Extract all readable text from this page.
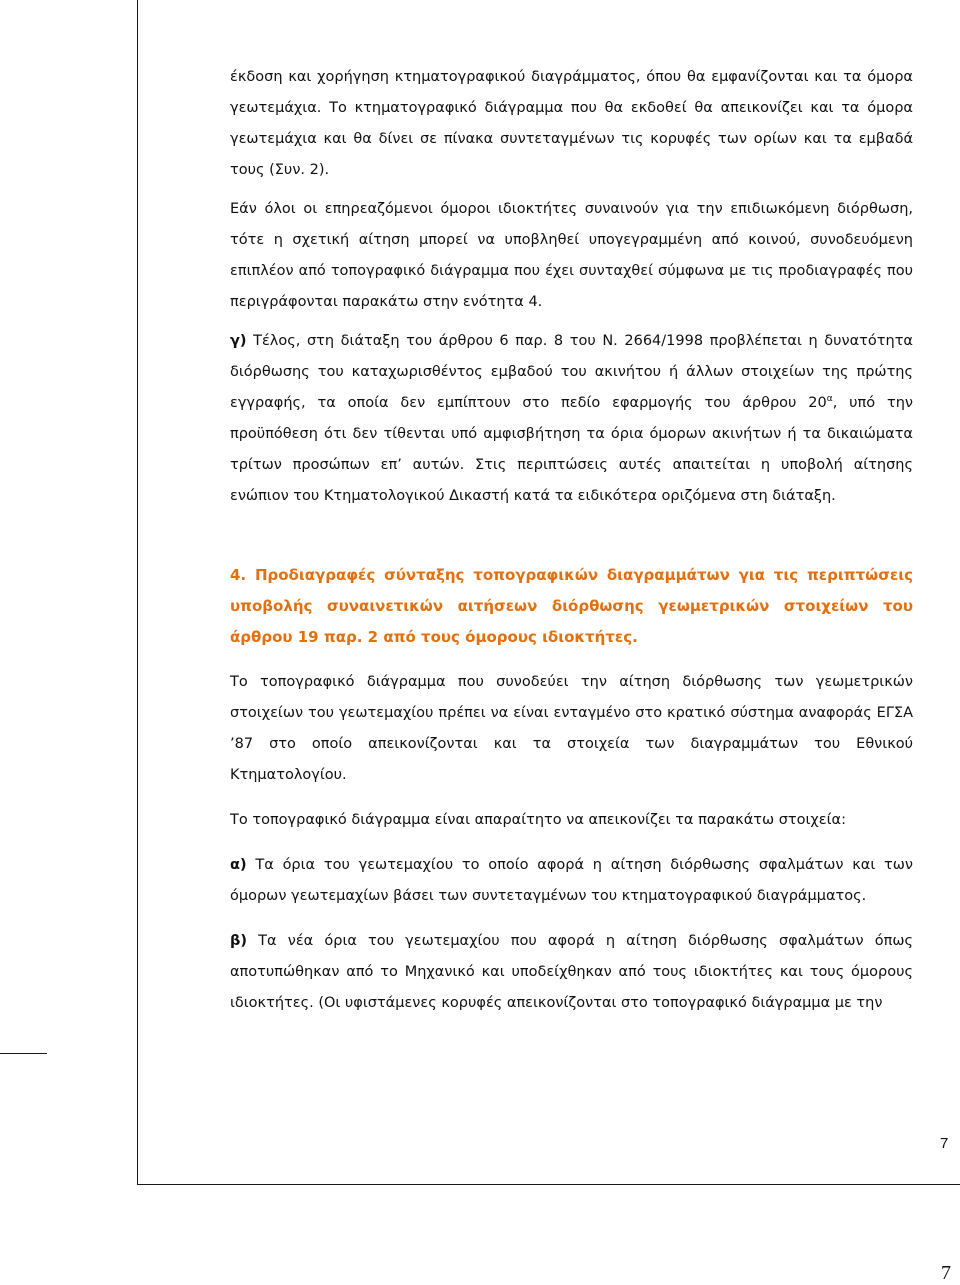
έκδοση και χορήγηση κτηματογραφικού διαγράμματος, όπου θα εμφανίζονται και τα όμορα γεωτεμάχια. Το κτηματογραφικό διάγραμμα που θα εκδοθεί θα απεικονίζει και τα όμορα γεωτεμάχια και θα δίνει σε πίνακα συντεταγμένων τις κορυφές των ορίων και τα εμβαδά τους (Συν. 2).

Εάν όλοι οι επηρεαζόμενοι όμοροι ιδιοκτήτες συναινούν για την επιδιωκόμενη διόρθωση, τότε η σχετική αίτηση μπορεί να υποβληθεί υπογεγραμμένη από κοινού, συνοδευόμενη επιπλέον από τοπογραφικό διάγραμμα που έχει συνταχθεί σύμφωνα με τις προδιαγραφές που περιγράφονται παρακάτω στην ενότητα 4.

γ) Τέλος, στη διάταξη του άρθρου 6 παρ. 8 του Ν. 2664/1998 προβλέπεται η δυνατότητα διόρθωσης του καταχωρισθέντος εμβαδού του ακινήτου ή άλλων στοιχείων της πρώτης εγγραφής, τα οποία δεν εμπίπτουν στο πεδίο εφαρμογής του άρθρου $20^\alpha$, υπό την προϋπόθεση ότι δεν τίθενται υπό αμφισβήτηση τα όρια όμορων ακινήτων ή τα δικαιώματα τρίτων προσώπων επ’ αυτών. Στις περιπτώσεις αυτές απαιτείται η υποβολή αίτησης ενώπιον του Κτηματολογικού Δικαστή κατά τα ειδικότερα οριζόμενα στη διάταξη.

4. Προδιαγραφές σύνταξης τοπογραφικών διαγραμμάτων για τις περιπτώσεις υποβολής συναινετικών αιτήσεων διόρθωσης γεωμετρικών στοιχείων του άρθρου 19 παρ. 2 από τους όμορους ιδιοκτήτες.

Το τοπογραφικό διάγραμμα που συνοδεύει την αίτηση διόρθωσης των γεωμετρικών στοιχείων του γεωτεμαχίου πρέπει να είναι ενταγμένο στο κρατικό σύστημα αναφοράς ΕΓΣΑ ’87 στο οποίο απεικονίζονται και τα στοιχεία των διαγραμμάτων του Εθνικού Κτηματολογίου.

Το τοπογραφικό διάγραμμα είναι απαραίτητο να απεικονίζει τα παρακάτω στοιχεία:

α) Τα όρια του γεωτεμαχίου το οποίο αφορά η αίτηση διόρθωσης σφαλμάτων και των όμορων γεωτεμαχίων βάσει των συντεταγμένων του κτηματογραφικού διαγράμματος.

β) Τα νέα όρια του γεωτεμαχίου που αφορά η αίτηση διόρθωσης σφαλμάτων όπως αποτυπώθηκαν από το Μηχανικό και υποδείχθηκαν από τους ιδιοκτήτες και τους όμορους ιδιοκτήτες. (Οι υφιστάμενες κορυφές απεικονίζονται στο τοπογραφικό διάγραμμα με την

7
7
